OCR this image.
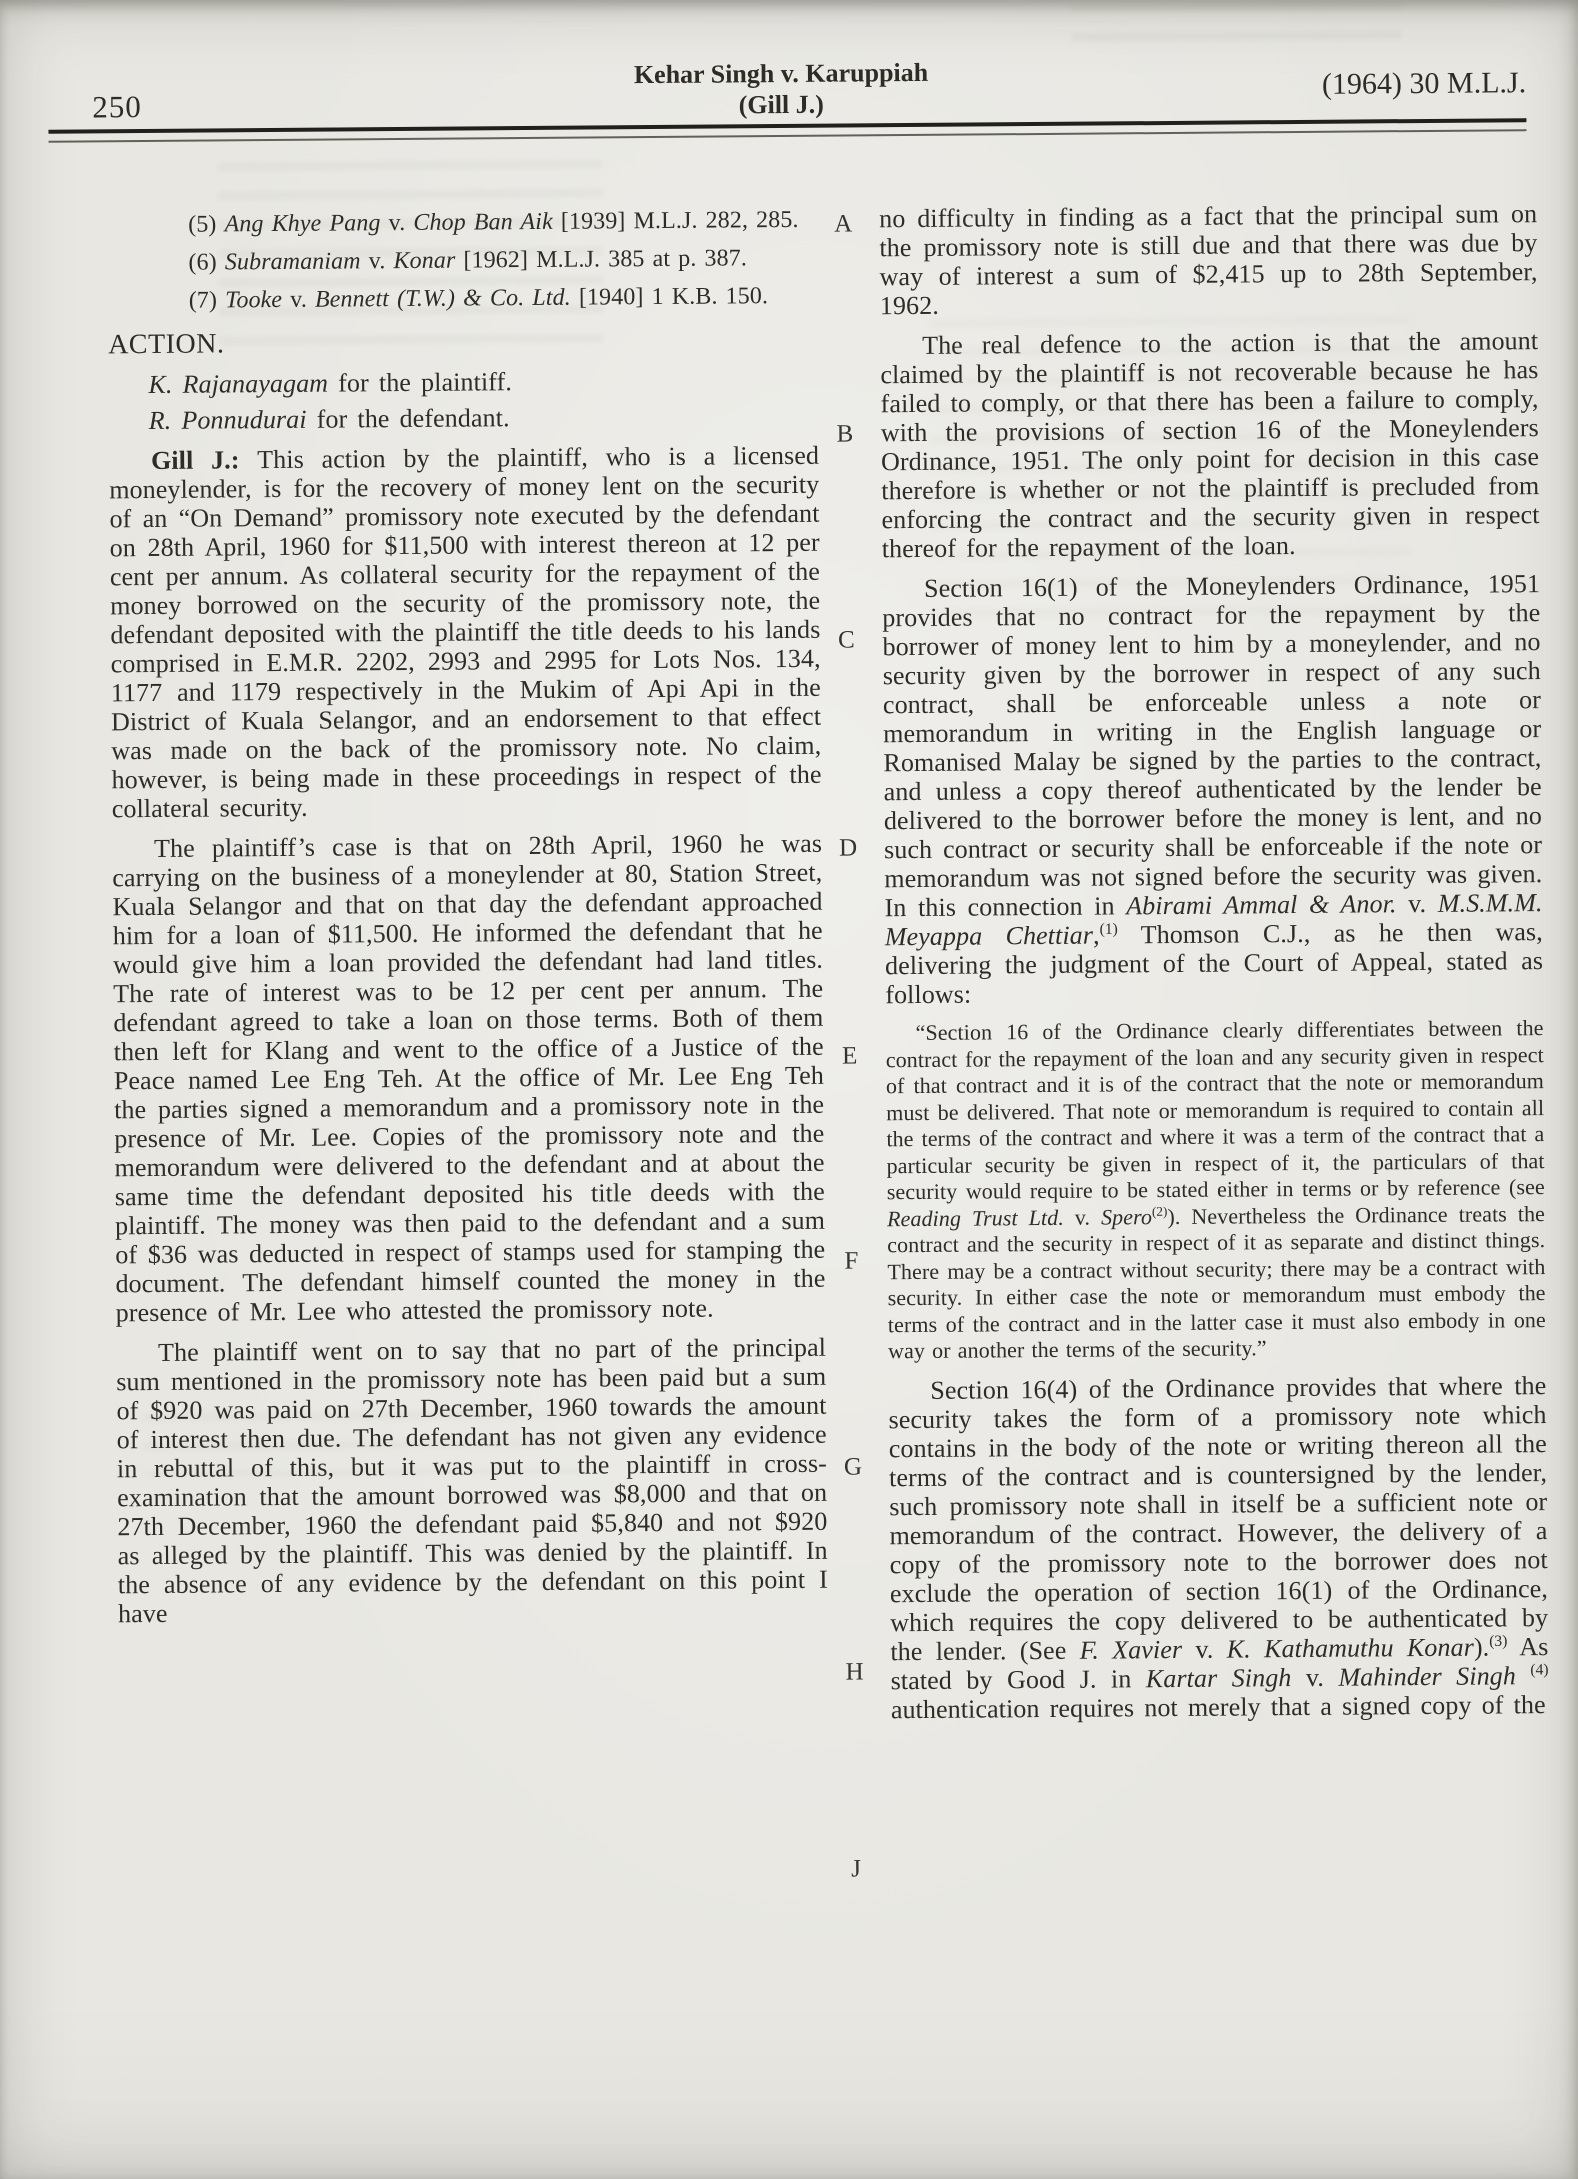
250
Kehar Singh v. Karuppiah
(Gill J.)
(1964) 30 M.L.J.

(5) Ang Khye Pang v. Chop Ban Aik [1939] M.L.J. 282, 285.

(6) Subramaniam v. Konar [1962] M.L.J. 385 at p. 387.

(7) Tooke v. Bennett (T.W.) & Co. Ltd. [1940] 1 K.B. 150.

ACTION.

K. Rajanayagam for the plaintiff.

R. Ponnudurai for the defendant.

Gill J.: This action by the plaintiff, who is a licensed moneylender, is for the recovery of money lent on the security of an “On Demand” promissory note executed by the defendant on 28th April, 1960 for $11,500 with interest thereon at 12 per cent per annum. As collateral security for the repayment of the money borrowed on the security of the promissory note, the defendant deposited with the plaintiff the title deeds to his lands comprised in E.M.R. 2202, 2993 and 2995 for Lots Nos. 134, 1177 and 1179 respectively in the Mukim of Api Api in the District of Kuala Selangor, and an endorsement to that effect was made on the back of the promissory note. No claim, however, is being made in these proceedings in respect of the collateral security.

The plaintiff’s case is that on 28th April, 1960 he was carrying on the business of a moneylender at 80, Station Street, Kuala Selangor and that on that day the defendant approached him for a loan of $11,500. He informed the defendant that he would give him a loan provided the defendant had land titles. The rate of interest was to be 12 per cent per annum. The defendant agreed to take a loan on those terms. Both of them then left for Klang and went to the office of a Justice of the Peace named Lee Eng Teh. At the office of Mr. Lee Eng Teh the parties signed a memorandum and a promissory note in the presence of Mr. Lee. Copies of the promissory note and the memorandum were delivered to the defendant and at about the same time the defendant deposited his title deeds with the plaintiff. The money was then paid to the defendant and a sum of $36 was deducted in respect of stamps used for stamping the document. The defendant himself counted the money in the presence of Mr. Lee who attested the promissory note.

The plaintiff went on to say that no part of the principal sum mentioned in the promissory note has been paid but a sum of $920 was paid on 27th December, 1960 towards the amount of interest then due. The defendant has not given any evidence in rebuttal of this, but it was put to the plaintiff in cross-examination that the amount borrowed was $8,000 and that on 27th December, 1960 the defendant paid $5,840 and not $920 as alleged by the plaintiff. This was denied by the plaintiff. In the absence of any evidence by the defendant on this point I have

no difficulty in finding as a fact that the principal sum on the promissory note is still due and that there was due by way of interest a sum of $2,415 up to 28th September, 1962.

The real defence to the action is that the amount claimed by the plaintiff is not recoverable because he has failed to comply, or that there has been a failure to comply, with the provisions of section 16 of the Moneylenders Ordinance, 1951. The only point for decision in this case therefore is whether or not the plaintiff is precluded from enforcing the contract and the security given in respect thereof for the repayment of the loan.

Section 16(1) of the Moneylenders Ordinance, 1951 provides that no contract for the repayment by the borrower of money lent to him by a moneylender, and no security given by the borrower in respect of any such contract, shall be enforceable unless a note or memorandum in writing in the English language or Romanised Malay be signed by the parties to the contract, and unless a copy thereof authenticated by the lender be delivered to the borrower before the money is lent, and no such contract or security shall be enforceable if the note or memorandum was not signed before the security was given. In this connection in Abirami Ammal & Anor. v. M.S.M.M. Meyappa Chettiar,$^{(1)}$ Thomson C.J., as he then was, delivering the judgment of the Court of Appeal, stated as follows:

“Section 16 of the Ordinance clearly differentiates between the contract for the repayment of the loan and any security given in respect of that contract and it is of the contract that the note or memorandum must be delivered. That note or memorandum is required to contain all the terms of the contract and where it was a term of the contract that a particular security be given in respect of it, the particulars of that security would require to be stated either in terms or by reference (see Reading Trust Ltd. v. Spero$^{(2)}$). Nevertheless the Ordinance treats the contract and the security in respect of it as separate and distinct things. There may be a contract without security; there may be a contract with security. In either case the note or memorandum must embody the terms of the contract and in the latter case it must also embody in one way or another the terms of the security.”

Section 16(4) of the Ordinance provides that where the security takes the form of a promissory note which contains in the body of the note or writing thereon all the terms of the contract and is countersigned by the lender, such promissory note shall in itself be a sufficient note or memorandum of the contract. However, the delivery of a copy of the promissory note to the borrower does not exclude the operation of section 16(1) of the Ordinance, which requires the copy delivered to be authenticated by the lender. (See F. Xavier v. K. Kathamuthu Konar).$^{(3)}$ As stated by Good J. in Kartar Singh v. Mahinder Singh $^{(4)}$ authentication requires not merely that a signed copy of the

A
B
C
D
E
F
G
H
J
